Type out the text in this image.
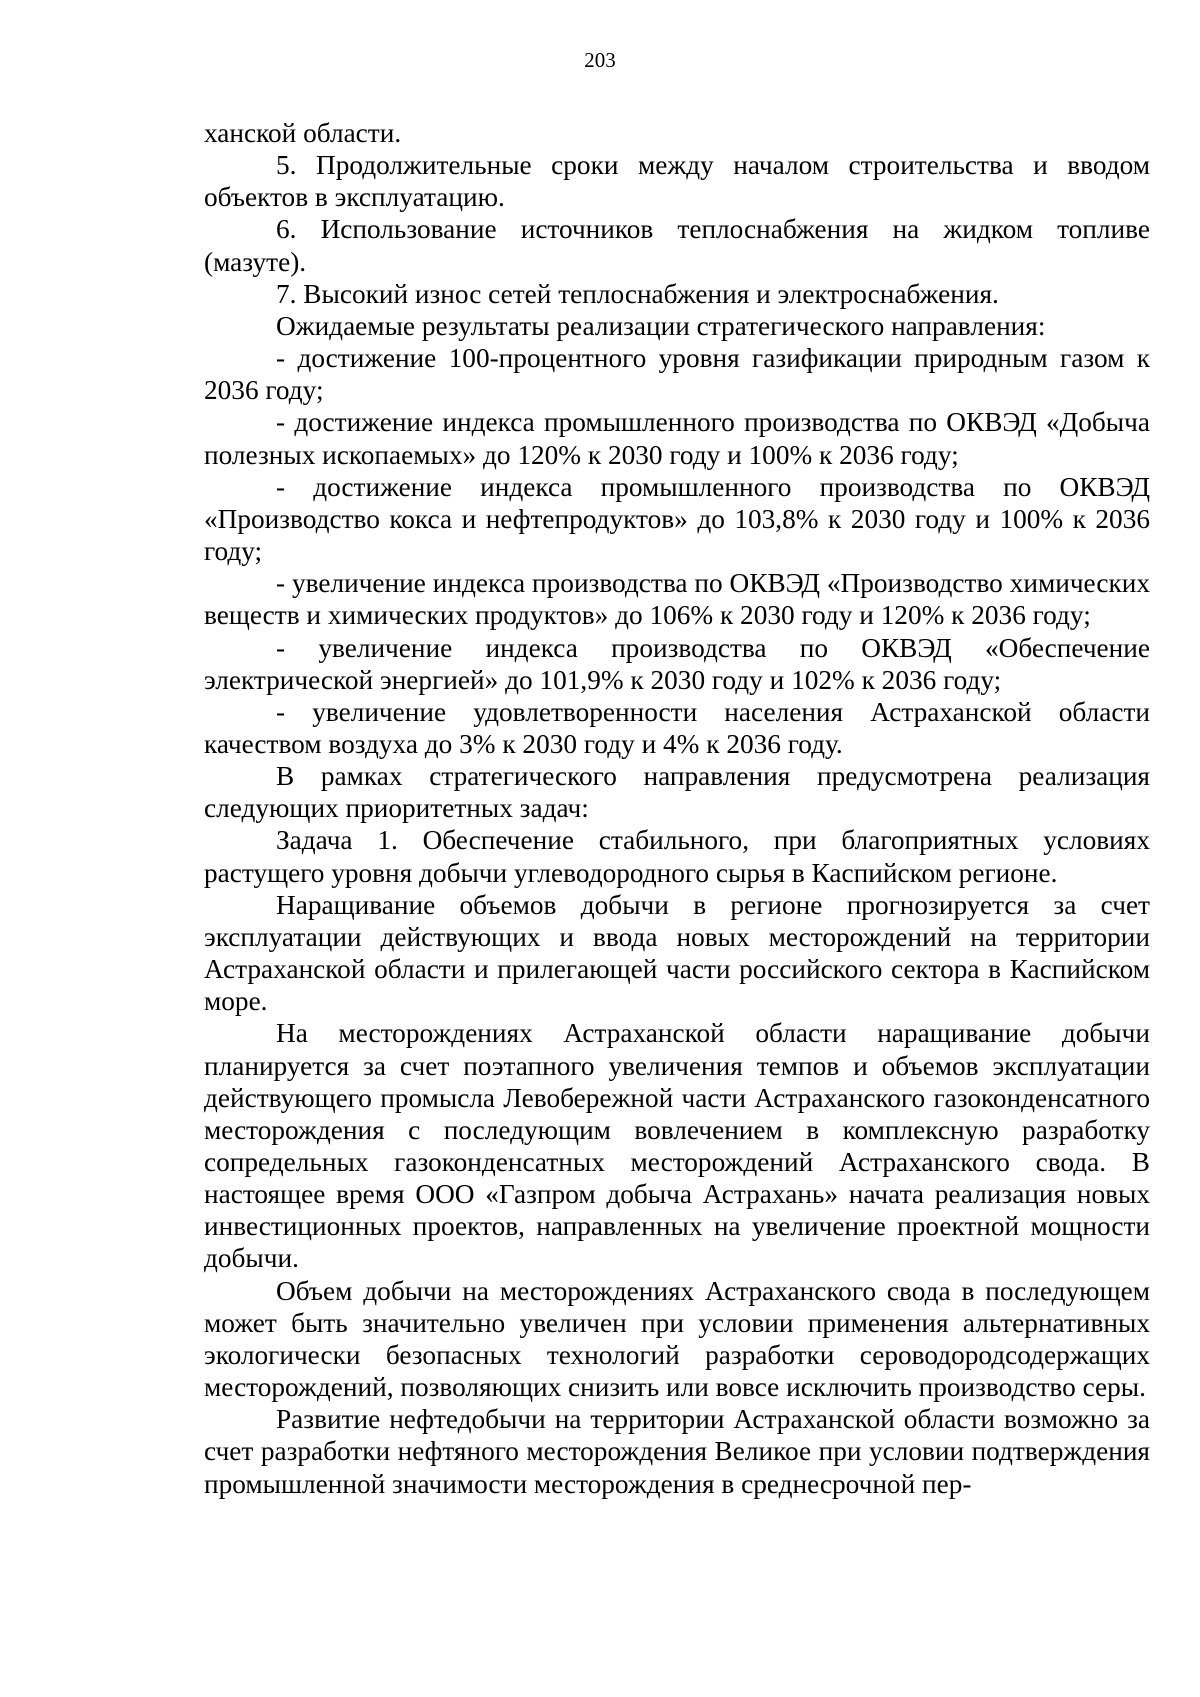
203

ханской области.

5. Продолжительные сроки между началом строительства и вводом объектов в эксплуатацию.

6. Использование источников теплоснабжения на жидком топливе (мазуте).

7. Высокий износ сетей теплоснабжения и электроснабжения.

Ожидаемые результаты реализации стратегического направления:

- достижение 100-процентного уровня газификации природным газом к 2036 году;

- достижение индекса промышленного производства по ОКВЭД «Добыча полезных ископаемых» до 120% к 2030 году и 100% к 2036 году;

- достижение индекса промышленного производства по ОКВЭД «Производство кокса и нефтепродуктов» до 103,8% к 2030 году и 100% к 2036 году;

- увеличение индекса производства по ОКВЭД «Производство химических веществ и химических продуктов» до 106% к 2030 году и 120% к 2036 году;

- увеличение индекса производства по ОКВЭД «Обеспечение электрической энергией» до 101,9% к 2030 году и 102% к 2036 году;

- увеличение удовлетворенности населения Астраханской области качеством воздуха до 3% к 2030 году и 4% к 2036 году.

В рамках стратегического направления предусмотрена реализация следующих приоритетных задач:

Задача 1. Обеспечение стабильного, при благоприятных условиях растущего уровня добычи углеводородного сырья в Каспийском регионе.

Наращивание объемов добычи в регионе прогнозируется за счет эксплуатации действующих и ввода новых месторождений на территории Астраханской области и прилегающей части российского сектора в Каспийском море.

На месторождениях Астраханской области наращивание добычи планируется за счет поэтапного увеличения темпов и объемов эксплуатации действующего промысла Левобережной части Астраханского газоконденсатного месторождения с последующим вовлечением в комплексную разработку сопредельных газоконденсатных месторождений Астраханского свода. В настоящее время ООО «Газпром добыча Астрахань» начата реализация новых инвестиционных проектов, направленных на увеличение проектной мощности добычи.

Объем добычи на месторождениях Астраханского свода в последующем может быть значительно увеличен при условии применения альтернативных экологически безопасных технологий разработки сероводородсодержащих месторождений, позволяющих снизить или вовсе исключить производство серы.

Развитие нефтедобычи на территории Астраханской области возможно за счет разработки нефтяного месторождения Великое при условии подтверждения промышленной значимости месторождения в среднесрочной пер-
